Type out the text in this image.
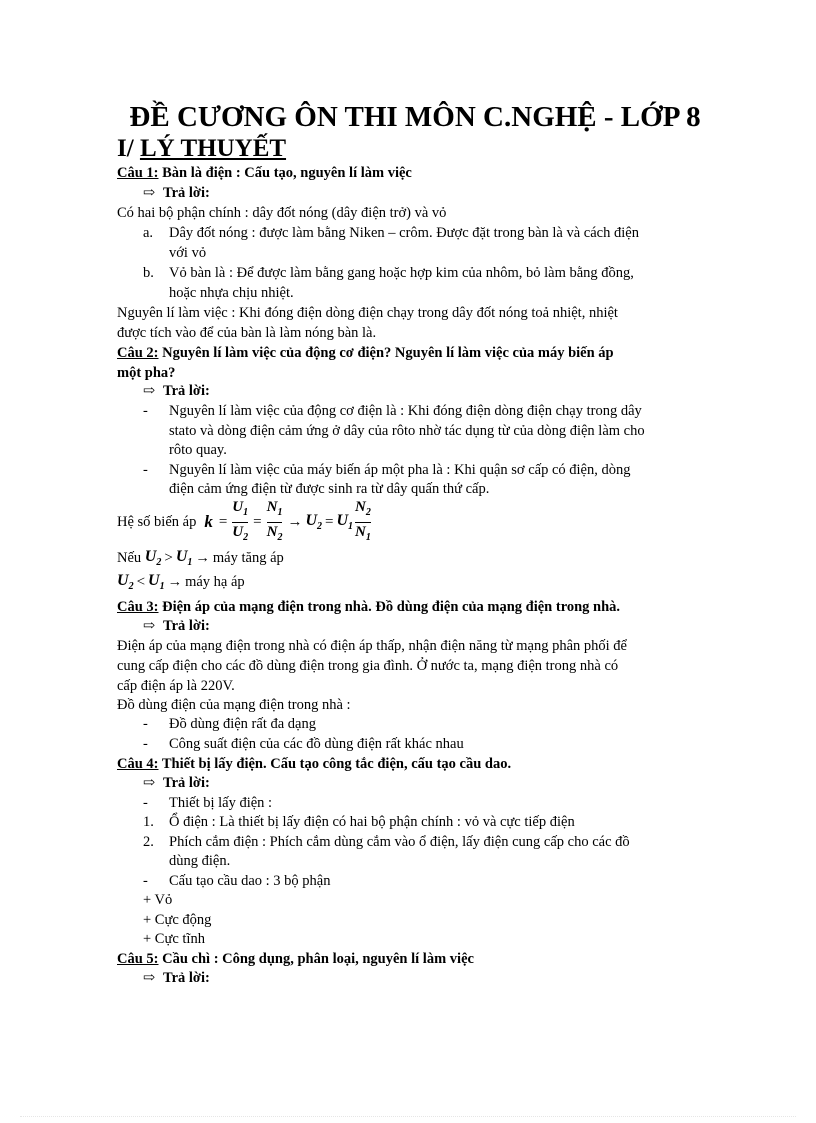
ĐỀ CƯƠNG ÔN THI MÔN C.NGHỆ - LỚP 8
I/ LÝ THUYẾT
Câu 1: Bàn là điện : Cấu tạo, nguyên lí làm việc
⇨ Trả lời:
Có hai bộ phận chính : dây đốt nóng (dây điện trở) và vỏ
a. Dây đốt nóng : được làm bằng Niken – crôm. Được đặt trong bàn là và cách điện
với vỏ
b. Vỏ bàn là : Để được làm bằng gang hoặc hợp kim của nhôm, bỏ làm bằng đồng,
hoặc nhựa chịu nhiệt.
Nguyên lí làm việc : Khi đóng điện dòng điện chạy trong dây đốt nóng toả nhiệt, nhiệt
được tích vào để của bàn là làm nóng bàn là.
Câu 2: Nguyên lí làm việc của động cơ điện? Nguyên lí làm việc của máy biến áp
một pha?
⇨ Trả lời:
- Nguyên lí làm việc của động cơ điện là : Khi đóng điện dòng điện chạy trong dây
stato và dòng điện cảm ứng ở dây của rôto nhờ tác dụng từ của dòng điện làm cho
rôto quay.
- Nguyên lí làm việc của máy biến áp một pha là : Khi quận sơ cấp có điện, dòng
điện cảm ứng điện từ được sinh ra từ dây quấn thứ cấp.
Hệ số biến áp $k = \frac{U_1}{U_2} = \frac{N_1}{N_2} \to U_2 = U_1 \frac{N_2}{N_1}$
Nếu
$U_2 > U_1$ → máy tăng áp
$U_2 < U_1$ → máy hạ áp
Câu 3: Điện áp của mạng điện trong nhà. Đồ dùng điện của mạng điện trong nhà.
⇨ Trả lời:
Điện áp của mạng điện trong nhà có điện áp thấp, nhận điện năng từ mạng phân phối để
cung cấp điện cho các đồ dùng điện trong gia đình. Ở nước ta, mạng điện trong nhà có
cấp điện áp là 220V.
Đồ dùng điện của mạng điện trong nhà :
- Đồ dùng điện rất đa dạng
- Công suất điện của các đồ dùng điện rất khác nhau
Câu 4: Thiết bị lấy điện. Cấu tạo công tắc điện, cấu tạo cầu dao.
⇨ Trả lời:
- Thiết bị lấy điện :
1. Ổ điện : Là thiết bị lấy điện có hai bộ phận chính : vỏ và cực tiếp điện
2. Phích cắm điện : Phích cắm dùng cắm vào ổ điện, lấy điện cung cấp cho các đồ
dùng điện.
- Cấu tạo cầu dao : 3 bộ phận
+ Vỏ
+ Cực động
+ Cực tĩnh
Câu 5: Cầu chì : Công dụng, phân loại, nguyên lí làm việc
⇨ Trả lời:
